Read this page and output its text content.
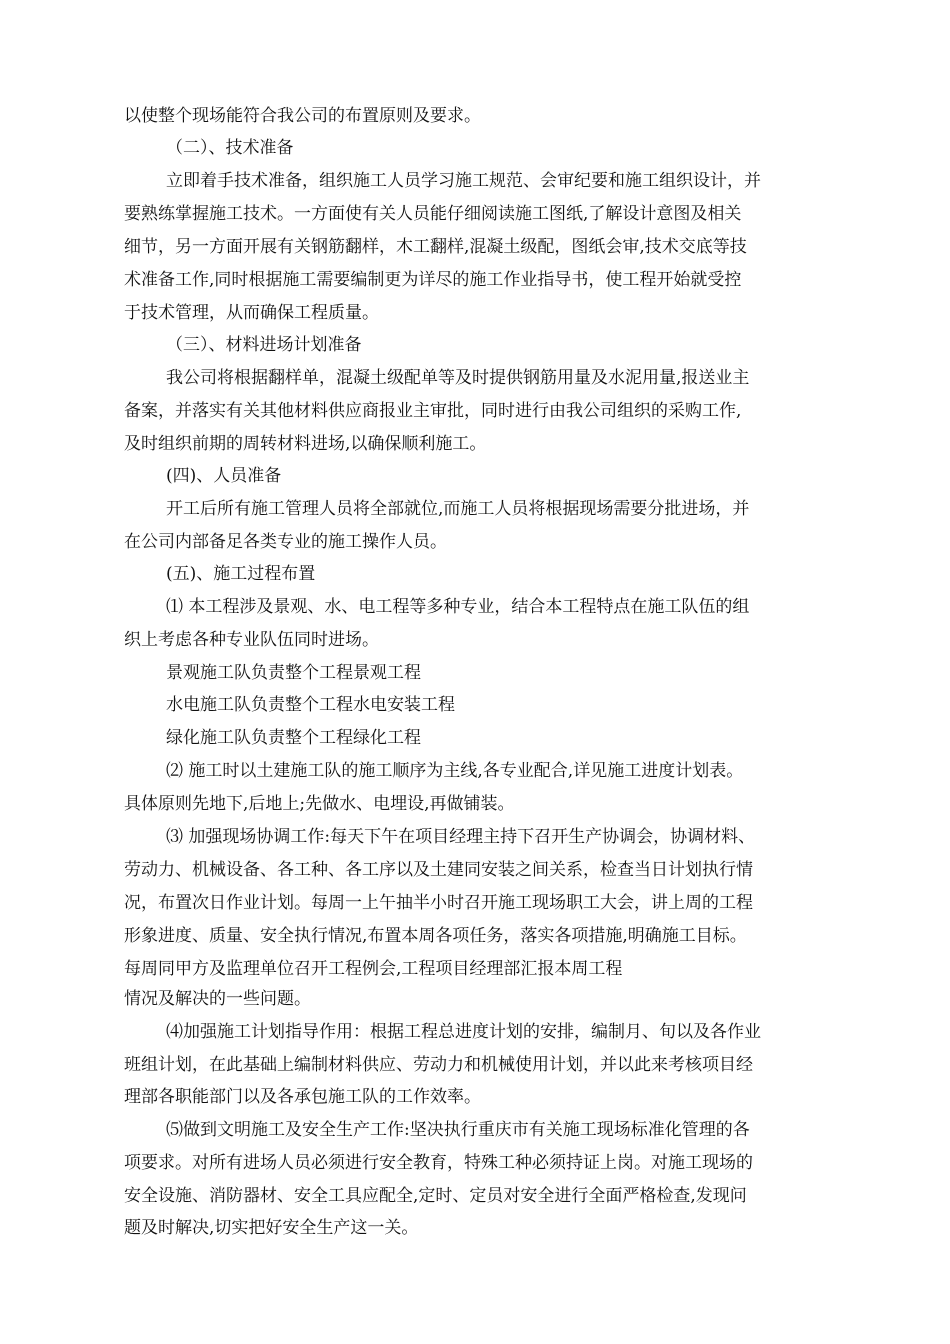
以使整个现场能符合我公司的布置原则及要求。
（二）、技术准备
立即着手技术准备，组织施工人员学习施工规范、会审纪要和施工组织设计，并
要熟练掌握施工技术。一方面使有关人员能仔细阅读施工图纸,了解设计意图及相关
细节，另一方面开展有关钢筋翻样，木工翻样,混凝土级配，图纸会审,技术交底等技
术准备工作,同时根据施工需要编制更为详尽的施工作业指导书，使工程开始就受控
于技术管理，从而确保工程质量。
（三）、材料进场计划准备
我公司将根据翻样单，混凝土级配单等及时提供钢筋用量及水泥用量,报送业主
备案，并落实有关其他材料供应商报业主审批，同时进行由我公司组织的采购工作,
及时组织前期的周转材料进场,以确保顺利施工。
(四)、人员准备
开工后所有施工管理人员将全部就位,而施工人员将根据现场需要分批进场，并
在公司内部备足各类专业的施工操作人员。
(五)、施工过程布置
⑴ 本工程涉及景观、水、电工程等多种专业，结合本工程特点在施工队伍的组
织上考虑各种专业队伍同时进场。
景观施工队负责整个工程景观工程
水电施工队负责整个工程水电安装工程
绿化施工队负责整个工程绿化工程
⑵ 施工时以土建施工队的施工顺序为主线,各专业配合,详见施工进度计划表。
具体原则先地下,后地上;先做水、电埋设,再做铺装。
⑶ 加强现场协调工作:每天下午在项目经理主持下召开生产协调会，协调材料、
劳动力、机械设备、各工种、各工序以及土建同安装之间关系，检查当日计划执行情
况，布置次日作业计划。每周一上午抽半小时召开施工现场职工大会，讲上周的工程
形象进度、质量、安全执行情况,布置本周各项任务，落实各项措施,明确施工目标。
每周同甲方及监理单位召开工程例会,工程项目经理部汇报本周工程
情况及解决的一些问题。
⑷加强施工计划指导作用：根据工程总进度计划的安排，编制月、旬以及各作业
班组计划，在此基础上编制材料供应、劳动力和机械使用计划，并以此来考核项目经
理部各职能部门以及各承包施工队的工作效率。
⑸做到文明施工及安全生产工作:坚决执行重庆市有关施工现场标准化管理的各
项要求。对所有进场人员必须进行安全教育，特殊工种必须持证上岗。对施工现场的
安全设施、消防器材、安全工具应配全,定时、定员对安全进行全面严格检查,发现问
题及时解决,切实把好安全生产这一关。
